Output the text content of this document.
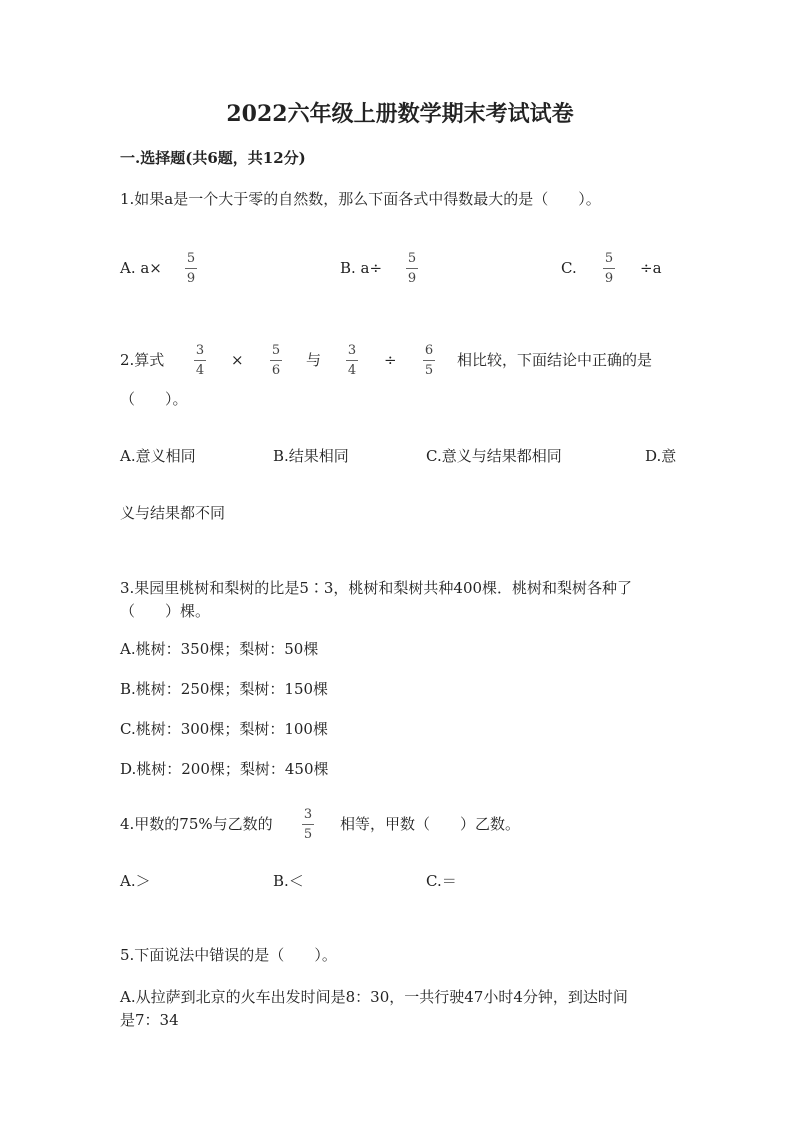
2022六年级上册数学期末考试试卷
一.选择题(共6题，共12分)
1.如果a是一个大于零的自然数，那么下面各式中得数最大的是（　　）。
A. a×
5
9
B. a÷
5
9
C.
5
9
÷a
2.算式
3
4
×
5
6
与
3
4
÷
6
5
相比较，下面结论中正确的是
（　　）。
A.意义相同	B.结果相同	C.意义与结果都相同	D.意
义与结果都不同
3.果园里桃树和梨树的比是5∶3，桃树和梨树共种400棵．桃树和梨树各种了
（　　）棵。
A.桃树：350棵；梨树：50棵
B.桃树：250棵；梨树：150棵
C.桃树：300棵；梨树：100棵
D.桃树：200棵；梨树：450棵
4.甲数的75%与乙数的
3
5
相等，甲数（　　）乙数。
A.＞	B.＜	C.＝
5.下面说法中错误的是（　　）。
A.从拉萨到北京的火车出发时间是8：30，一共行驶47小时4分钟，到达时间
是7：34
